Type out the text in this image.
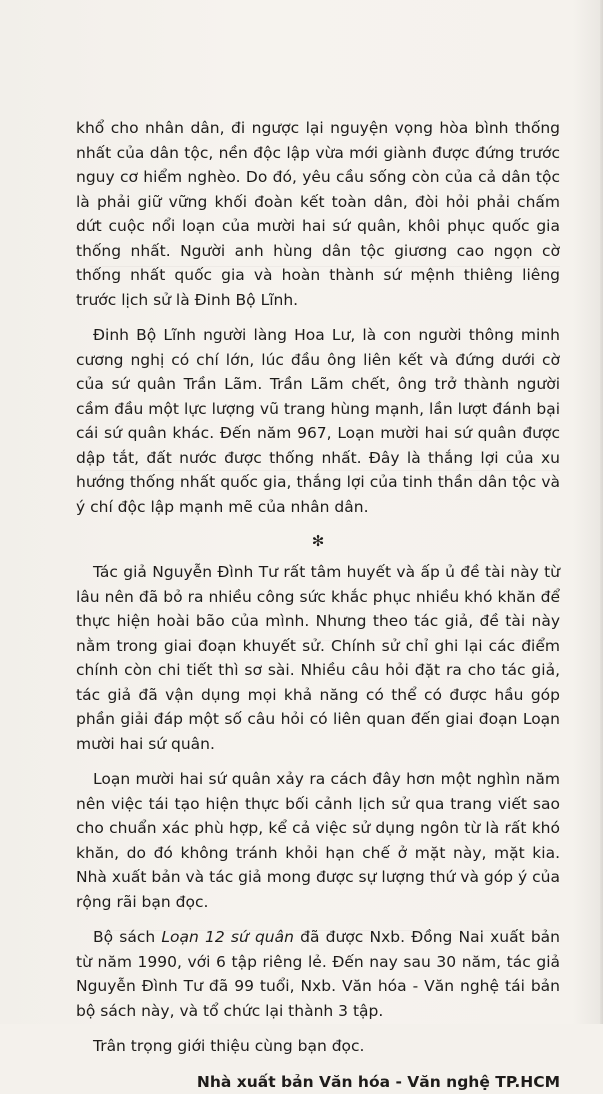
khổ cho nhân dân, đi ngược lại nguyện vọng hòa bình thống nhất của dân tộc, nền độc lập vừa mới giành được đứng trước nguy cơ hiểm nghèo. Do đó, yêu cầu sống còn của cả dân tộc là phải giữ vững khối đoàn kết toàn dân, đòi hỏi phải chấm dứt cuộc nổi loạn của mười hai sứ quân, khôi phục quốc gia thống nhất. Người anh hùng dân tộc giương cao ngọn cờ thống nhất quốc gia và hoàn thành sứ mệnh thiêng liêng trước lịch sử là Đinh Bộ Lĩnh.

Đinh Bộ Lĩnh người làng Hoa Lư, là con người thông minh cương nghị có chí lớn, lúc đầu ông liên kết và đứng dưới cờ của sứ quân Trần Lãm. Trần Lãm chết, ông trở thành người cầm đầu một lực lượng vũ trang hùng mạnh, lần lượt đánh bại cái sứ quân khác. Đến năm 967, Loạn mười hai sứ quân được dập tắt, đất nước được thống nhất. Đây là thắng lợi của xu hướng thống nhất quốc gia, thắng lợi của tinh thần dân tộc và ý chí độc lập mạnh mẽ của nhân dân.

✻

Tác giả Nguyễn Đình Tư rất tâm huyết và ấp ủ đề tài này từ lâu nên đã bỏ ra nhiều công sức khắc phục nhiều khó khăn để thực hiện hoài bão của mình. Nhưng theo tác giả, đề tài này nằm trong giai đoạn khuyết sử. Chính sử chỉ ghi lại các điểm chính còn chi tiết thì sơ sài. Nhiều câu hỏi đặt ra cho tác giả, tác giả đã vận dụng mọi khả năng có thể có được hầu góp phần giải đáp một số câu hỏi có liên quan đến giai đoạn Loạn mười hai sứ quân.

Loạn mười hai sứ quân xảy ra cách đây hơn một nghìn năm nên việc tái tạo hiện thực bối cảnh lịch sử qua trang viết sao cho chuẩn xác phù hợp, kể cả việc sử dụng ngôn từ là rất khó khăn, do đó không tránh khỏi hạn chế ở mặt này, mặt kia. Nhà xuất bản và tác giả mong được sự lượng thứ và góp ý của rộng rãi bạn đọc.

Bộ sách Loạn 12 sứ quân đã được Nxb. Đồng Nai xuất bản từ năm 1990, với 6 tập riêng lẻ. Đến nay sau 30 năm, tác giả Nguyễn Đình Tư đã 99 tuổi, Nxb. Văn hóa - Văn nghệ tái bản bộ sách này, và tổ chức lại thành 3 tập.

Trân trọng giới thiệu cùng bạn đọc.

Nhà xuất bản Văn hóa - Văn nghệ TP.HCM
